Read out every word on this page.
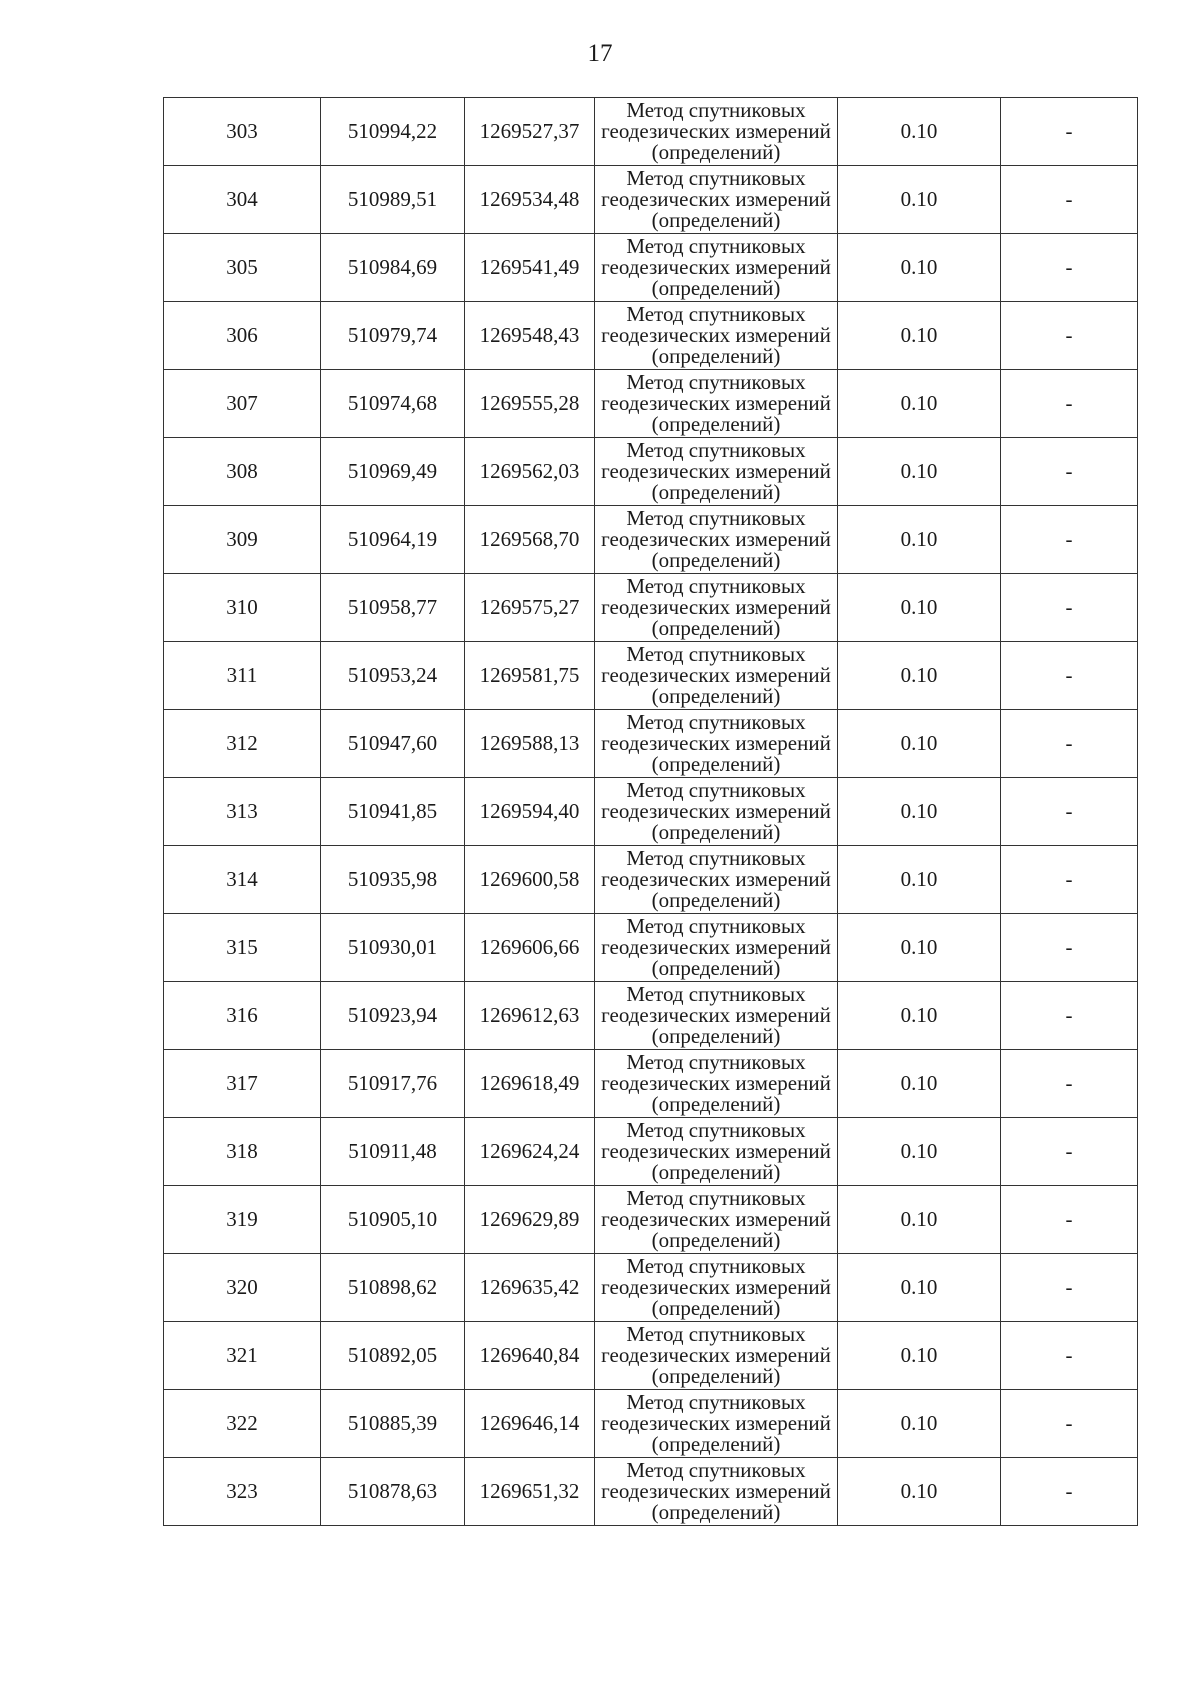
17
303	510994,22	1269527,37	Метод спутниковых
геодезических измерений
(определений)	0.10	-
304	510989,51	1269534,48	Метод спутниковых
геодезических измерений
(определений)	0.10	-
305	510984,69	1269541,49	Метод спутниковых
геодезических измерений
(определений)	0.10	-
306	510979,74	1269548,43	Метод спутниковых
геодезических измерений
(определений)	0.10	-
307	510974,68	1269555,28	Метод спутниковых
геодезических измерений
(определений)	0.10	-
308	510969,49	1269562,03	Метод спутниковых
геодезических измерений
(определений)	0.10	-
309	510964,19	1269568,70	Метод спутниковых
геодезических измерений
(определений)	0.10	-
310	510958,77	1269575,27	Метод спутниковых
геодезических измерений
(определений)	0.10	-
311	510953,24	1269581,75	Метод спутниковых
геодезических измерений
(определений)	0.10	-
312	510947,60	1269588,13	Метод спутниковых
геодезических измерений
(определений)	0.10	-
313	510941,85	1269594,40	Метод спутниковых
геодезических измерений
(определений)	0.10	-
314	510935,98	1269600,58	Метод спутниковых
геодезических измерений
(определений)	0.10	-
315	510930,01	1269606,66	Метод спутниковых
геодезических измерений
(определений)	0.10	-
316	510923,94	1269612,63	Метод спутниковых
геодезических измерений
(определений)	0.10	-
317	510917,76	1269618,49	Метод спутниковых
геодезических измерений
(определений)	0.10	-
318	510911,48	1269624,24	Метод спутниковых
геодезических измерений
(определений)	0.10	-
319	510905,10	1269629,89	Метод спутниковых
геодезических измерений
(определений)	0.10	-
320	510898,62	1269635,42	Метод спутниковых
геодезических измерений
(определений)	0.10	-
321	510892,05	1269640,84	Метод спутниковых
геодезических измерений
(определений)	0.10	-
322	510885,39	1269646,14	Метод спутниковых
геодезических измерений
(определений)	0.10	-
323	510878,63	1269651,32	Метод спутниковых
геодезических измерений
(определений)	0.10	-
